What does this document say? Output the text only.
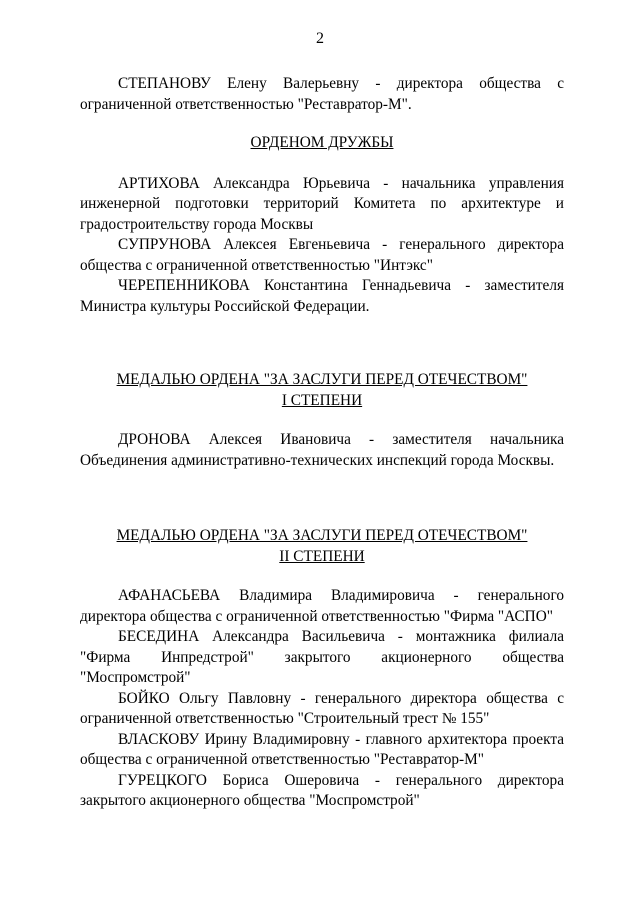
2

СТЕПАНОВУ Елену Валерьевну - директора общества с ограниченной ответственностью "Реставратор-М".

ОРДЕНОМ ДРУЖБЫ

АРТИХОВА Александра Юрьевича - начальника управления инженерной подготовки территорий Комитета по архитектуре и градостроительству города Москвы

СУПРУНОВА Алексея Евгеньевича - генерального директора общества с ограниченной ответственностью "Интэкс"

ЧЕРЕПЕННИКОВА Константина Геннадьевича - заместителя Министра культуры Российской Федерации.

МЕДАЛЬЮ ОРДЕНА "ЗА ЗАСЛУГИ ПЕРЕД ОТЕЧЕСТВОМ"

I СТЕПЕНИ

ДРОНОВА Алексея Ивановича - заместителя начальника Объединения административно-технических инспекций города Москвы.

МЕДАЛЬЮ ОРДЕНА "ЗА ЗАСЛУГИ ПЕРЕД ОТЕЧЕСТВОМ"

II СТЕПЕНИ

АФАНАСЬЕВА Владимира Владимировича - генерального директора общества с ограниченной ответственностью "Фирма "АСПО"

БЕСЕДИНА Александра Васильевича - монтажника филиала "Фирма Инпредстрой" закрытого акционерного общества "Моспромстрой"

БОЙКО Ольгу Павловну - генерального директора общества с ограниченной ответственностью "Строительный трест № 155"

ВЛАСКОВУ Ирину Владимировну - главного архитектора проекта общества с ограниченной ответственностью "Реставратор-М"

ГУРЕЦКОГО Бориса Ошеровича - генерального директора закрытого акционерного общества "Моспромстрой"
